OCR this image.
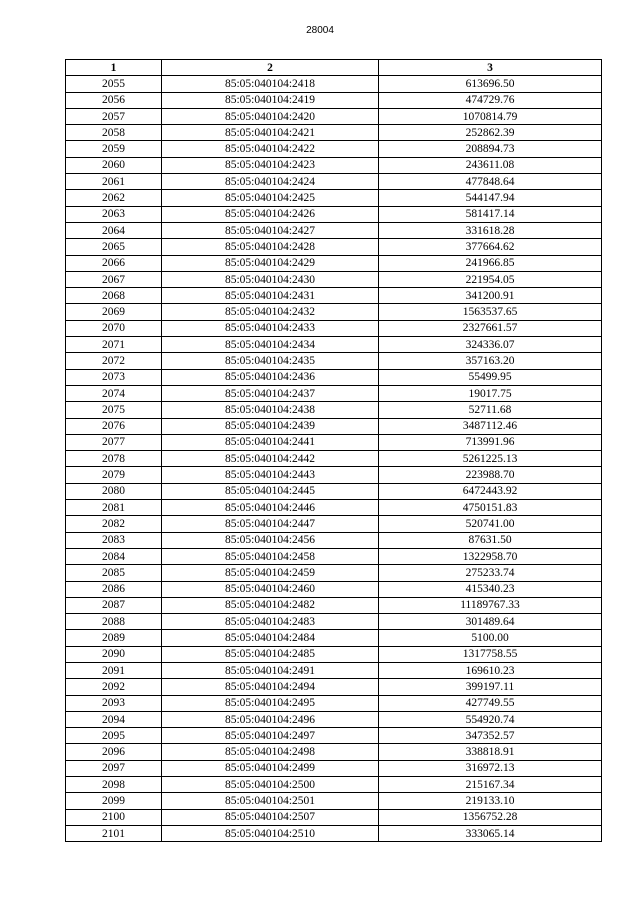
28004
1	2	3
2055	85:05:040104:2418	613696.50
2056	85:05:040104:2419	474729.76
2057	85:05:040104:2420	1070814.79
2058	85:05:040104:2421	252862.39
2059	85:05:040104:2422	208894.73
2060	85:05:040104:2423	243611.08
2061	85:05:040104:2424	477848.64
2062	85:05:040104:2425	544147.94
2063	85:05:040104:2426	581417.14
2064	85:05:040104:2427	331618.28
2065	85:05:040104:2428	377664.62
2066	85:05:040104:2429	241966.85
2067	85:05:040104:2430	221954.05
2068	85:05:040104:2431	341200.91
2069	85:05:040104:2432	1563537.65
2070	85:05:040104:2433	2327661.57
2071	85:05:040104:2434	324336.07
2072	85:05:040104:2435	357163.20
2073	85:05:040104:2436	55499.95
2074	85:05:040104:2437	19017.75
2075	85:05:040104:2438	52711.68
2076	85:05:040104:2439	3487112.46
2077	85:05:040104:2441	713991.96
2078	85:05:040104:2442	5261225.13
2079	85:05:040104:2443	223988.70
2080	85:05:040104:2445	6472443.92
2081	85:05:040104:2446	4750151.83
2082	85:05:040104:2447	520741.00
2083	85:05:040104:2456	87631.50
2084	85:05:040104:2458	1322958.70
2085	85:05:040104:2459	275233.74
2086	85:05:040104:2460	415340.23
2087	85:05:040104:2482	11189767.33
2088	85:05:040104:2483	301489.64
2089	85:05:040104:2484	5100.00
2090	85:05:040104:2485	1317758.55
2091	85:05:040104:2491	169610.23
2092	85:05:040104:2494	399197.11
2093	85:05:040104:2495	427749.55
2094	85:05:040104:2496	554920.74
2095	85:05:040104:2497	347352.57
2096	85:05:040104:2498	338818.91
2097	85:05:040104:2499	316972.13
2098	85:05:040104:2500	215167.34
2099	85:05:040104:2501	219133.10
2100	85:05:040104:2507	1356752.28
2101	85:05:040104:2510	333065.14
